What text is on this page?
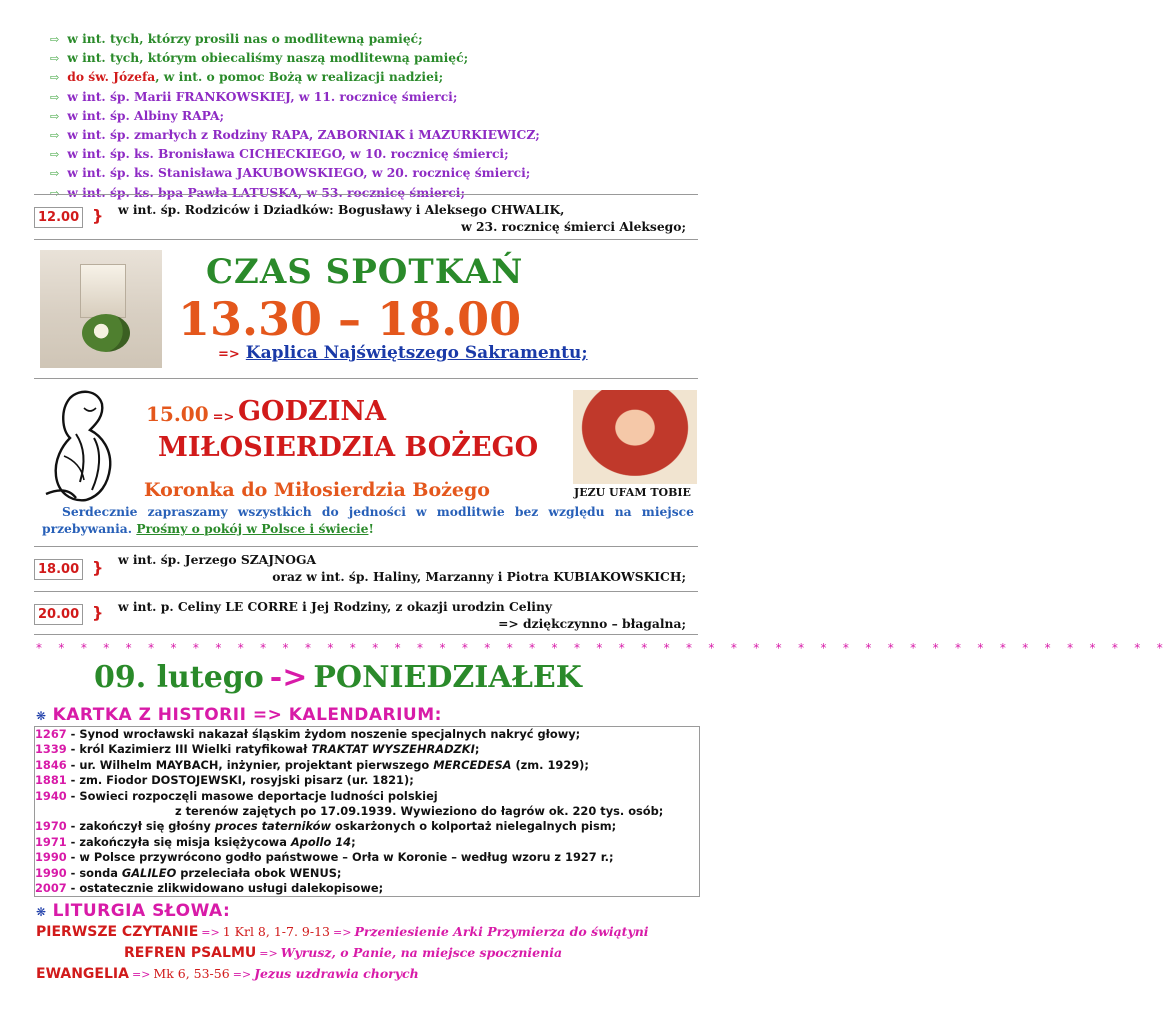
⇨ w int. tych, którzy prosili nas o modlitewną pamięć;
⇨ w int. tych, którym obiecaliśmy naszą modlitewną pamięć;
⇨ do św. Józefa, w int. o pomoc Bożą w realizacji nadziei;
⇨ w int. śp. Marii FRANKOWSKIEJ, w 11. rocznicę śmierci;
⇨ w int. śp. Albiny RAPA;
⇨ w int. śp. zmarłych z Rodziny RAPA, ZABORNIAK i MAZURKIEWICZ;
⇨ w int. śp. ks. Bronisława CICHECKIEGO, w 10. rocznicę śmierci;
⇨ w int. śp. ks. Stanisława JAKUBOWSKIEGO, w 20. rocznicę śmierci;
⇨ w int. śp. ks. bpa Pawła LATUSKA, w 53. rocznicę śmierci;
12.00 } w int. śp. Rodziców i Dziadków: Bogusławy i Aleksego CHWALIK,
w 23. rocznicę śmierci Aleksego;
CZAS SPOTKAŃ
13.30 – 18.00
=> Kaplica Najświętszego Sakramentu;
15.00 => GODZINA
MIŁOSIERDZIA BOŻEGO
Koronka do Miłosierdzia Bożego	JEZU UFAM TOBIE
Serdecznie zapraszamy wszystkich do jedności w modlitwie bez względu na miejsce przebywania. Prośmy o pokój w Polsce i świecie!
18.00 } w int. śp. Jerzego SZAJNOGA
oraz w int. śp. Haliny, Marzanny i Piotra KUBIAKOWSKICH;
20.00 } w int. p. Celiny LE CORRE i Jej Rodziny, z okazji urodzin Celiny
=> dziękczynno – błagalna;
* * * * * * * * * * * * * * * * * * * * * * * * * * * * * * * * * * * * * * * * * * * * * * * * * * *
09. lutego -> PONIEDZIAŁEK
❋ KARTKA Z HISTORII => KALENDARIUM:
1267 - Synod wrocławski nakazał śląskim żydom noszenie specjalnych nakryć głowy;
1339 - król Kazimierz III Wielki ratyfikował TRAKTAT WYSZEHRADZKI;
1846 - ur. Wilhelm MAYBACH, inżynier, projektant pierwszego MERCEDESA (zm. 1929);
1881 - zm. Fiodor DOSTOJEWSKI, rosyjski pisarz (ur. 1821);
1940 - Sowieci rozpoczęli masowe deportacje ludności polskiej
z terenów zajętych po 17.09.1939. Wywieziono do łagrów ok. 220 tys. osób;
1970 - zakończył się głośny proces taterników oskarżonych o kolportaż nielegalnych pism;
1971 - zakończyła się misja księżycowa Apollo 14;
1990 - w Polsce przywrócono godło państwowe – Orła w Koronie – według wzoru z 1927 r.;
1990 - sonda GALILEO przeleciała obok WENUS;
2007 - ostatecznie zlikwidowano usługi dalekopisowe;
❋ LITURGIA SŁOWA:
PIERWSZE CZYTANIE => 1 Krl 8, 1-7. 9-13 => Przeniesienie Arki Przymierza do świątyni
REFREN PSALMU => Wyrusz, o Panie, na miejsce spocznienia
EWANGELIA => Mk 6, 53-56 => Jezus uzdrawia chorych
